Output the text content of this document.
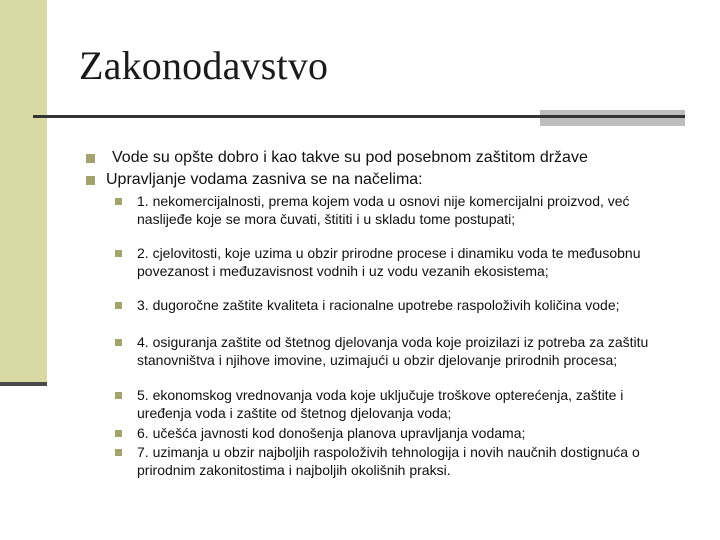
Zakonodavstvo
Vode su opšte dobro i kao takve su pod posebnom zaštitom države
Upravljanje vodama zasniva se na načelima:
1. nekomercijalnosti, prema kojem voda u osnovi nije komercijalni proizvod, već naslijeđe koje se mora čuvati, štititi i u skladu tome postupati;
2. cjelovitosti, koje uzima u obzir prirodne procese i dinamiku voda te međusobnu povezanost i međuzavisnost vodnih i uz vodu vezanih ekosistema;
3. dugoročne zaštite kvaliteta i racionalne upotrebe raspoloživih količina vode;
4. osiguranja zaštite od štetnog djelovanja voda koje proizilazi iz potreba za zaštitu stanovništva i njihove imovine, uzimajući u obzir djelovanje prirodnih procesa;
5. ekonomskog vrednovanja voda koje uključuje troškove opterećenja, zaštite i uređenja voda i zaštite od štetnog djelovanja voda;
6. učešća javnosti kod donošenja planova upravljanja vodama;
7. uzimanja u obzir najboljih raspoloživih tehnologija i novih naučnih dostignuća o prirodnim zakonitostima i najboljih okolišnih praksi.
